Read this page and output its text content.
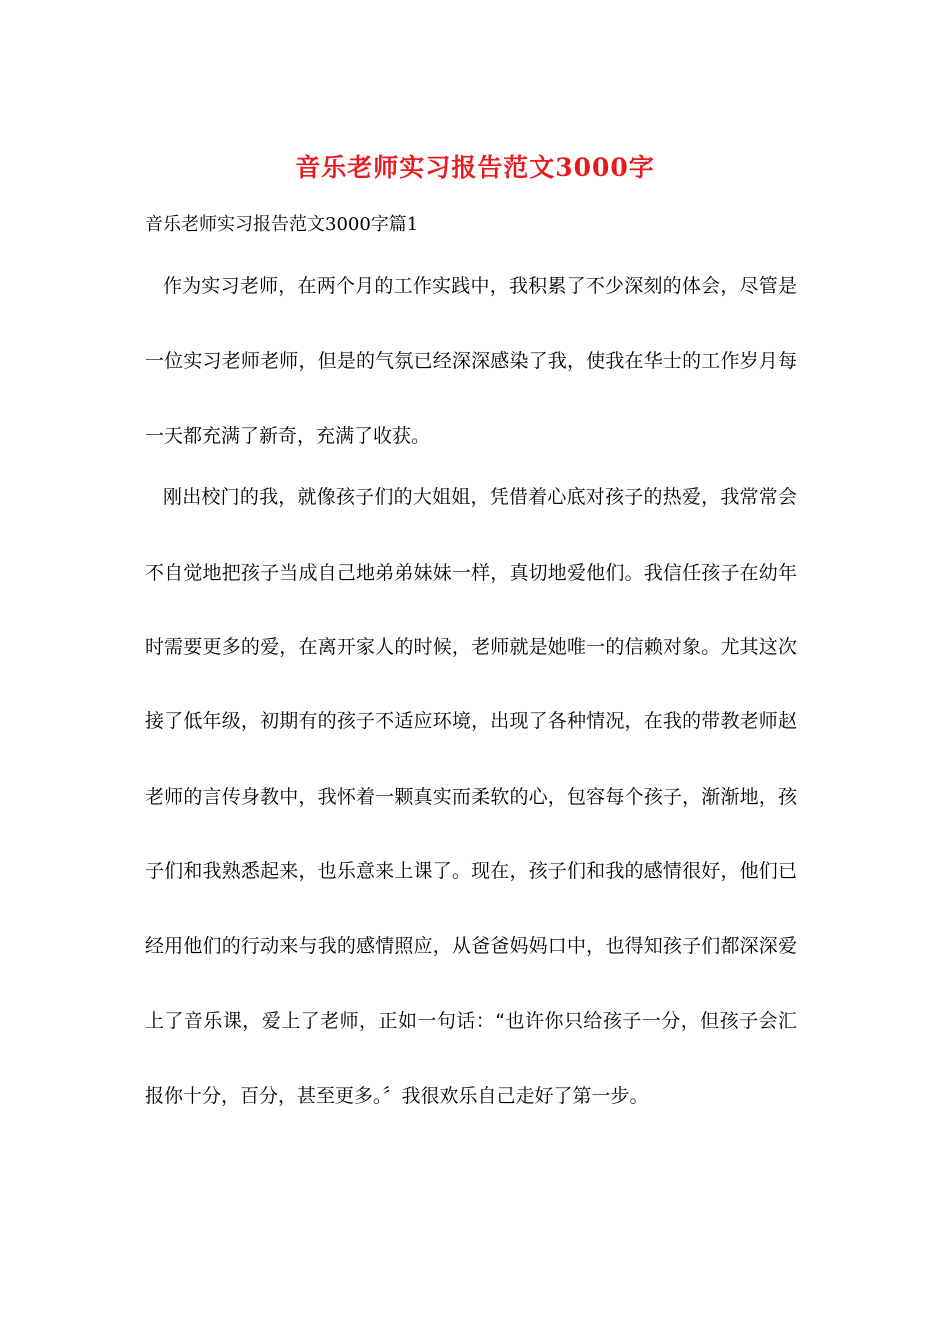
音乐老师实习报告范文3000字
音乐老师实习报告范文3000字篇1
作为实习老师，在两个月的工作实践中，我积累了不少深刻的体会，尽管是
一位实习老师老师，但是的气氛已经深深感染了我，使我在华士的工作岁月每
一天都充满了新奇，充满了收获。
刚出校门的我，就像孩子们的大姐姐，凭借着心底对孩子的热爱，我常常会
不自觉地把孩子当成自己地弟弟妹妹一样，真切地爱他们。我信任孩子在幼年
时需要更多的爱，在离开家人的时候，老师就是她唯一的信赖对象。尤其这次
接了低年级，初期有的孩子不适应环境，出现了各种情况，在我的带教老师赵
老师的言传身教中，我怀着一颗真实而柔软的心，包容每个孩子，渐渐地，孩
子们和我熟悉起来，也乐意来上课了。现在，孩子们和我的感情很好，他们已
经用他们的行动来与我的感情照应，从爸爸妈妈口中，也得知孩子们都深深爱
上了音乐课，爱上了老师，正如一句话：“也许你只给孩子一分，但孩子会汇
报你十分，百分，甚至更多。〞我很欢乐自己走好了第一步。
